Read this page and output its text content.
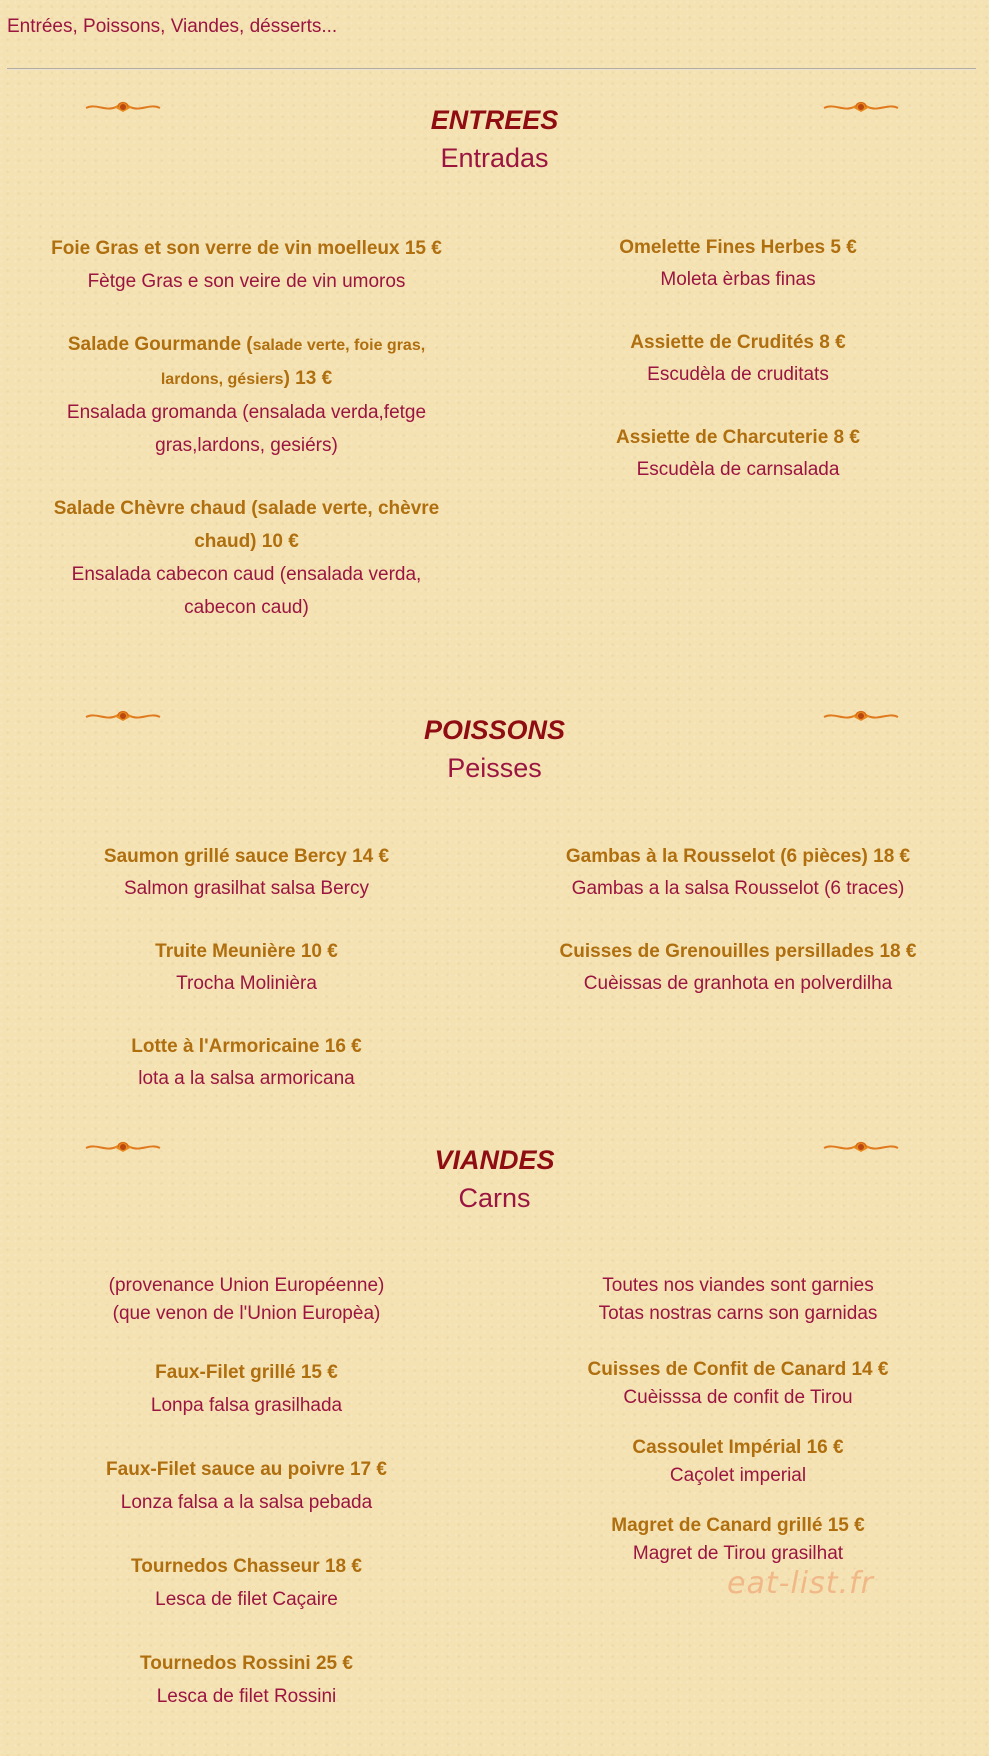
Entrées, Poissons, Viandes, désserts...
ENTREES
Entradas
Foie Gras et son verre de vin moelleux 15 €
Fètge Gras e son veire de vin umoros
Salade Gourmande (salade verte, foie gras,
lardons, gésiers) 13 €
Ensalada gromanda (ensalada verda,fetge
gras,lardons, gesiérs)
Salade Chèvre chaud (salade verte, chèvre
chaud) 10 €
Ensalada cabecon caud (ensalada verda,
cabecon caud)
Omelette Fines Herbes 5 €
Moleta èrbas finas
Assiette de Crudités 8 €
Escudèla de cruditats
Assiette de Charcuterie 8 €
Escudèla de carnsalada
POISSONS
Peisses
Saumon grillé sauce Bercy 14 €
Salmon grasilhat salsa Bercy
Truite Meunière 10 €
Trocha Molinièra
Lotte à l'Armoricaine 16 €
lota a la salsa armoricana
Gambas à la Rousselot (6 pièces) 18 €
Gambas a la salsa Rousselot (6 traces)
Cuisses de Grenouilles persillades 18 €
Cuèissas de granhota en polverdilha
VIANDES
Carns
(provenance Union Européenne)
(que venon de l'Union Europèa)
Faux-Filet grillé 15 €
Lonpa falsa grasilhada
Faux-Filet sauce au poivre 17 €
Lonza falsa a la salsa pebada
Tournedos Chasseur 18 €
Lesca de filet Caçaire
Tournedos Rossini 25 €
Lesca de filet Rossini
Toutes nos viandes sont garnies
Totas nostras carns son garnidas
Cuisses de Confit de Canard 14 €
Cuèisssa de confit de Tirou
Cassoulet Impérial 16 €
Caçolet imperial
Magret de Canard grillé 15 €
Magret de Tirou grasilhat
eat-list.fr
